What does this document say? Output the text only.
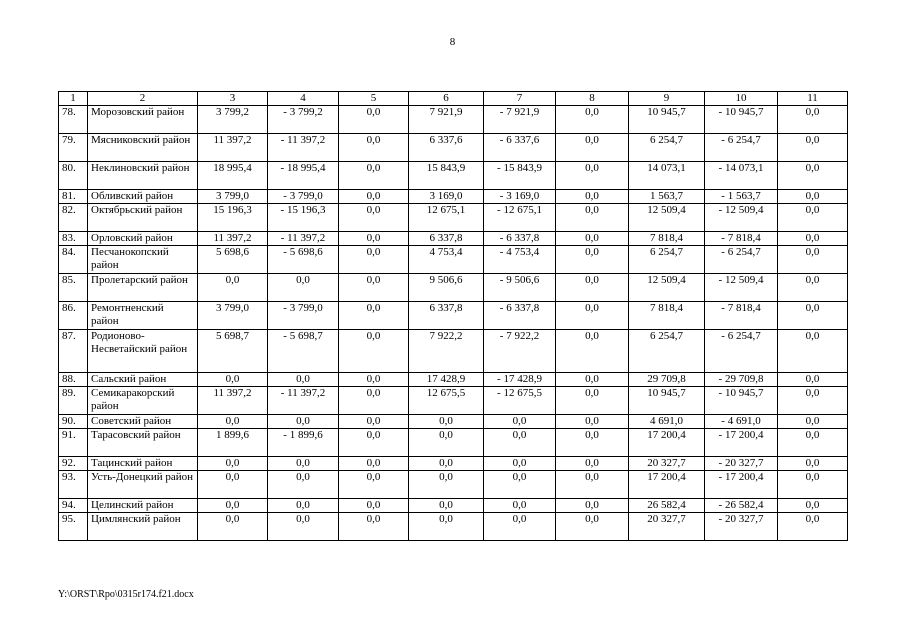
8
1	2	3	4	5	6	7	8	9	10	11
78.	Морозовский район	3 799,2	- 3 799,2	0,0	7 921,9	- 7 921,9	0,0	10 945,7	- 10 945,7	0,0
79.	Мясниковский район	11 397,2	- 11 397,2	0,0	6 337,6	- 6 337,6	0,0	6 254,7	- 6 254,7	0,0
80.	Неклиновский район	18 995,4	- 18 995,4	0,0	15 843,9	- 15 843,9	0,0	14 073,1	- 14 073,1	0,0
81.	Обливский район	3 799,0	- 3 799,0	0,0	3 169,0	- 3 169,0	0,0	1 563,7	- 1 563,7	0,0
82.	Октябрьский район	15 196,3	- 15 196,3	0,0	12 675,1	- 12 675,1	0,0	12 509,4	- 12 509,4	0,0
83.	Орловский район	11 397,2	- 11 397,2	0,0	6 337,8	- 6 337,8	0,0	7 818,4	- 7 818,4	0,0
84.	Песчанокопский район	5 698,6	- 5 698,6	0,0	4 753,4	- 4 753,4	0,0	6 254,7	- 6 254,7	0,0
85.	Пролетарский район	0,0	0,0	0,0	9 506,6	- 9 506,6	0,0	12 509,4	- 12 509,4	0,0
86.	Ремонтненский район	3 799,0	- 3 799,0	0,0	6 337,8	- 6 337,8	0,0	7 818,4	- 7 818,4	0,0
87.	Родионово-Несветайский район	5 698,7	- 5 698,7	0,0	7 922,2	- 7 922,2	0,0	6 254,7	- 6 254,7	0,0
88.	Сальский район	0,0	0,0	0,0	17 428,9	- 17 428,9	0,0	29 709,8	- 29 709,8	0,0
89.	Семикаракорский район	11 397,2	- 11 397,2	0,0	12 675,5	- 12 675,5	0,0	10 945,7	- 10 945,7	0,0
90.	Советский район	0,0	0,0	0,0	0,0	0,0	0,0	4 691,0	- 4 691,0	0,0
91.	Тарасовский район	1 899,6	- 1 899,6	0,0	0,0	0,0	0,0	17 200,4	- 17 200,4	0,0
92.	Тацинский район	0,0	0,0	0,0	0,0	0,0	0,0	20 327,7	- 20 327,7	0,0
93.	Усть-Донецкий район	0,0	0,0	0,0	0,0	0,0	0,0	17 200,4	- 17 200,4	0,0
94.	Целинский район	0,0	0,0	0,0	0,0	0,0	0,0	26 582,4	- 26 582,4	0,0
95.	Цимлянский район	0,0	0,0	0,0	0,0	0,0	0,0	20 327,7	- 20 327,7	0,0
Y:\ORST\Rpo\0315r174.f21.docx
